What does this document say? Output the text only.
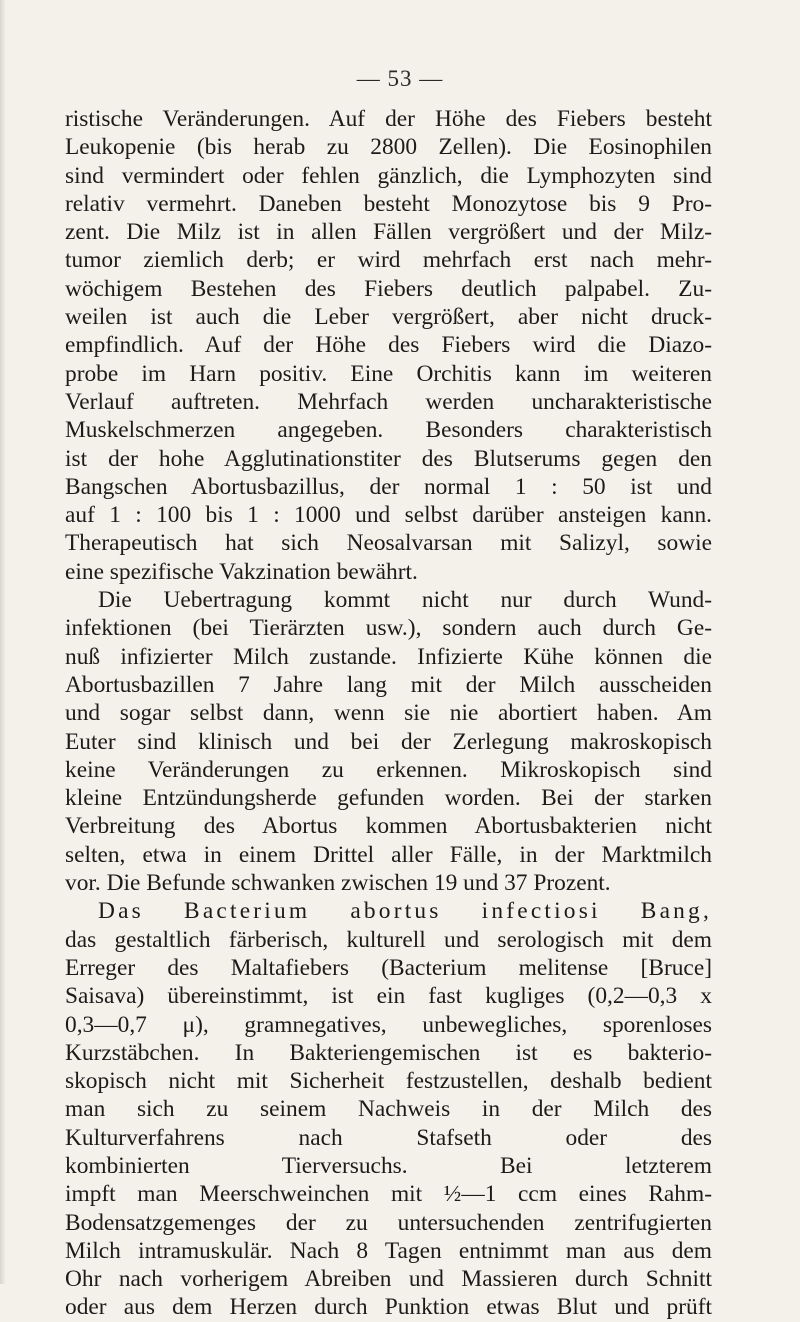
— 53 —
ristische Veränderungen. Auf der Höhe des Fiebers besteht
Leukopenie (bis herab zu 2800 Zellen). Die Eosinophilen
sind vermindert oder fehlen gänzlich, die Lymphozyten sind
relativ vermehrt. Daneben besteht Monozytose bis 9 Pro-
zent. Die Milz ist in allen Fällen vergrößert und der Milz-
tumor ziemlich derb; er wird mehrfach erst nach mehr-
wöchigem Bestehen des Fiebers deutlich palpabel. Zu-
weilen ist auch die Leber vergrößert, aber nicht druck-
empfindlich. Auf der Höhe des Fiebers wird die Diazo-
probe im Harn positiv. Eine Orchitis kann im weiteren
Verlauf auftreten. Mehrfach werden uncharakteristische
Muskelschmerzen angegeben. Besonders charakteristisch
ist der hohe Agglutinationstiter des Blutserums gegen den
Bangschen Abortusbazillus, der normal 1 : 50 ist und
auf 1 : 100 bis 1 : 1000 und selbst darüber ansteigen kann.
Therapeutisch hat sich Neosalvarsan mit Salizyl, sowie
eine spezifische Vakzination bewährt.
Die Uebertragung kommt nicht nur durch Wund-
infektionen (bei Tierärzten usw.), sondern auch durch Ge-
nuß infizierter Milch zustande. Infizierte Kühe können die
Abortusbazillen 7 Jahre lang mit der Milch ausscheiden
und sogar selbst dann, wenn sie nie abortiert haben. Am
Euter sind klinisch und bei der Zerlegung makroskopisch
keine Veränderungen zu erkennen. Mikroskopisch sind
kleine Entzündungsherde gefunden worden. Bei der starken
Verbreitung des Abortus kommen Abortusbakterien nicht
selten, etwa in einem Drittel aller Fälle, in der Marktmilch
vor. Die Befunde schwanken zwischen 19 und 37 Prozent.
Das Bacterium abortus infectiosi Bang,
das gestaltlich färberisch, kulturell und serologisch mit dem
Erreger des Maltafiebers (Bacterium melitense [Bruce]
Saisava) übereinstimmt, ist ein fast kugliges (0,2—0,3 x
0,3—0,7 μ), gramnegatives, unbewegliches, sporenloses
Kurzstäbchen. In Bakteriengemischen ist es bakterio-
skopisch nicht mit Sicherheit festzustellen, deshalb bedient
man sich zu seinem Nachweis in der Milch des
Kulturverfahrens nach Stafseth oder des
kombinierten Tierversuchs. Bei letzterem
impft man Meerschweinchen mit ½—1 ccm eines Rahm-
Bodensatzgemenges der zu untersuchenden zentrifugierten
Milch intramuskulär. Nach 8 Tagen entnimmt man aus dem
Ohr nach vorherigem Abreiben und Massieren durch Schnitt
oder aus dem Herzen durch Punktion etwas Blut und prüft
